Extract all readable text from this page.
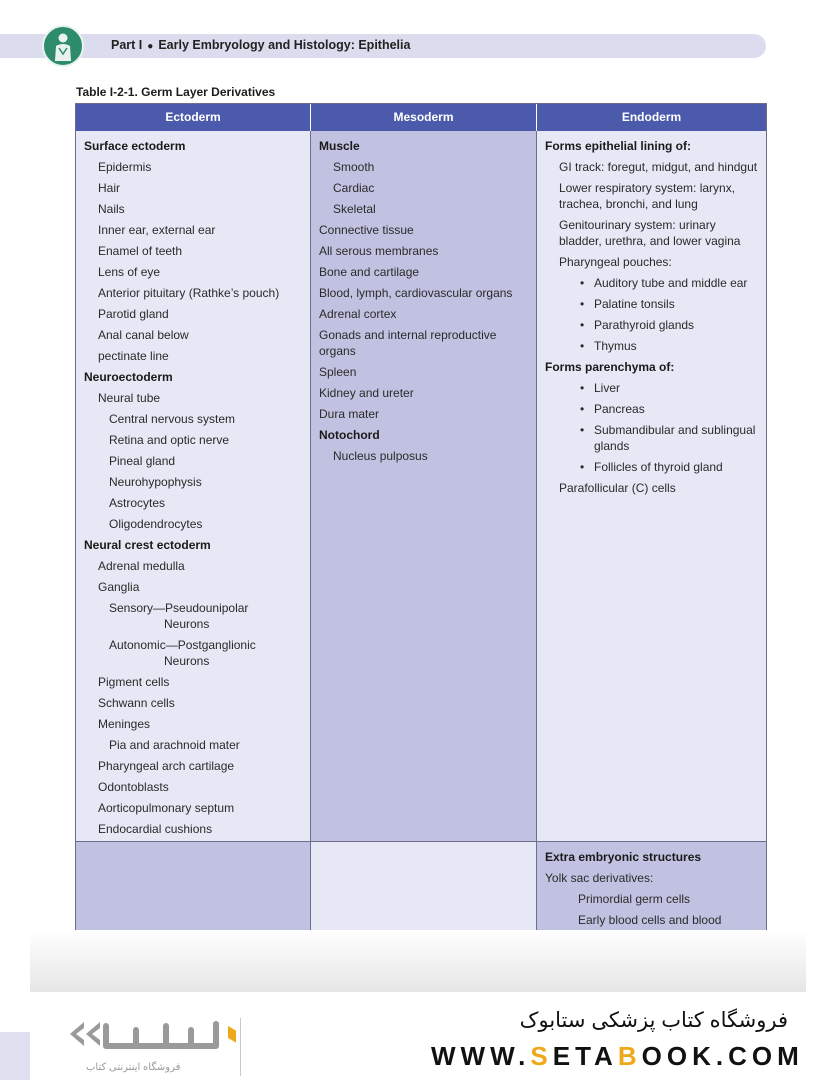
Part I ● Early Embryology and Histology: Epithelia
Table I-2-1. Germ Layer Derivatives
Ectoderm	Mesoderm	Endoderm
Surface ectoderm
Epidermis
Hair
Nails
Inner ear, external ear
Enamel of teeth
Lens of eye
Anterior pituitary (Rathke’s pouch)
Parotid gland
Anal canal below
pectinate line
Neuroectoderm
Neural tube
Central nervous system
Retina and optic nerve
Pineal gland
Neurohypophysis
Astrocytes
Oligodendrocytes
Neural crest ectoderm
Adrenal medulla
Ganglia
Sensory—Pseudounipolar
Neurons
Autonomic—Postganglionic
Neurons
Pigment cells
Schwann cells
Meninges
Pia and arachnoid mater
Pharyngeal arch cartilage
Odontoblasts
Aorticopulmonary septum
Endocardial cushions
Muscle
Smooth
Cardiac
Skeletal
Connective tissue
All serous membranes
Bone and cartilage
Blood, lymph, cardiovascular organs
Adrenal cortex
Gonads and internal reproductive organs
Spleen
Kidney and ureter
Dura mater
Notochord
Nucleus pulposus
Forms epithelial lining of:
GI track: foregut, midgut, and hindgut
Lower respiratory system: larynx, trachea, bronchi, and lung
Genitourinary system: urinary bladder, urethra, and lower vagina
Pharyngeal pouches:
• Auditory tube and middle ear
• Palatine tonsils
• Parathyroid glands
• Thymus
Forms parenchyma of:
• Liver
• Pancreas
• Submandibular and sublingual glands
• Follicles of thyroid gland
Parafollicular (C) cells
Extra embryonic structures
Yolk sac derivatives:
Primordial germ cells
Early blood cells and blood
فروشگاه اینترنتی کتاب
فروشگاه کتاب پزشکی ستابوک
WWW.SETABOOK.COM
